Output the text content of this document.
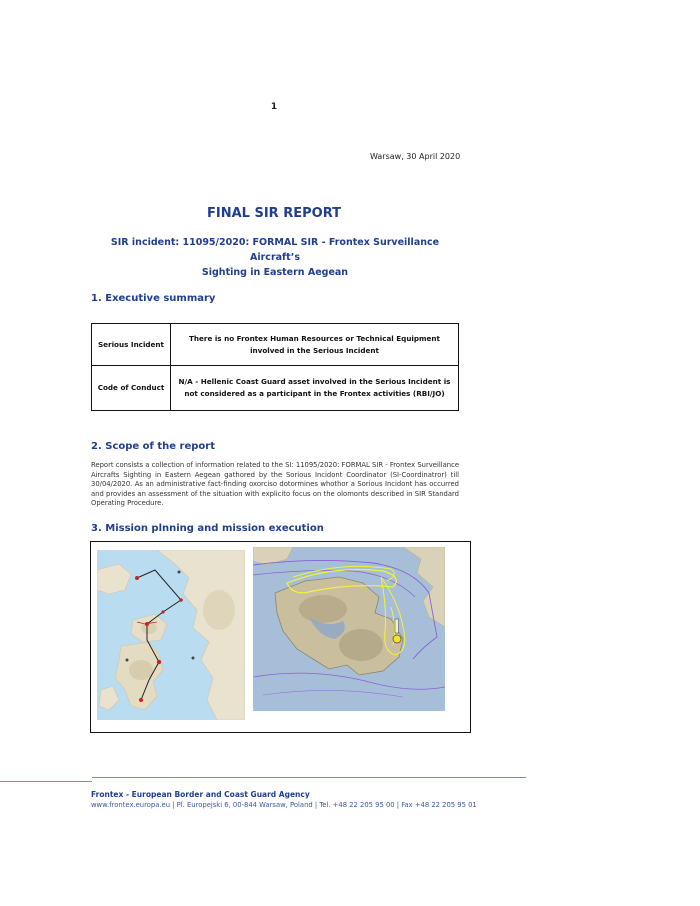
1
Warsaw, 30 April 2020
FINAL SIR REPORT
SIR incident: 11095/2020: FORMAL SIR - Frontex Surveillance Aircraft’s
Sighting in Eastern Aegean
1. Executive summary
Serious Incident	There is no Frontex Human Resources or Technical Equipment involved in the Serious Incident
Code of Conduct	N/A - Hellenic Coast Guard asset involved in the Serious Incident is not considered as a participant in the Frontex activities (RBI/JO)
2. Scope of the report
Report consists a collection of information related to the SI: 11095/2020: FORMAL SIR - Frontex Surveillance Aircrafts Sighting in Eastern Aegean gathored by the Sorious Incidont Coordinator (SI-Coordinatror) till 30/04/2020. As an administrative fact-finding oxorciso dotormines whothor a Sorious Incidont has occurred and provides an assessment of the situation with explicito focus on the olomonts described in SIR Standard Operating Procedure.
3. Mission plnning and mission execution
Frontex - European Border and Coast Guard Agency
www.frontex.europa.eu | Pl. Europejski 6, 00-844 Warsaw, Poland | Tel. +48 22 205 95 00 | Fax +48 22 205 95 01
